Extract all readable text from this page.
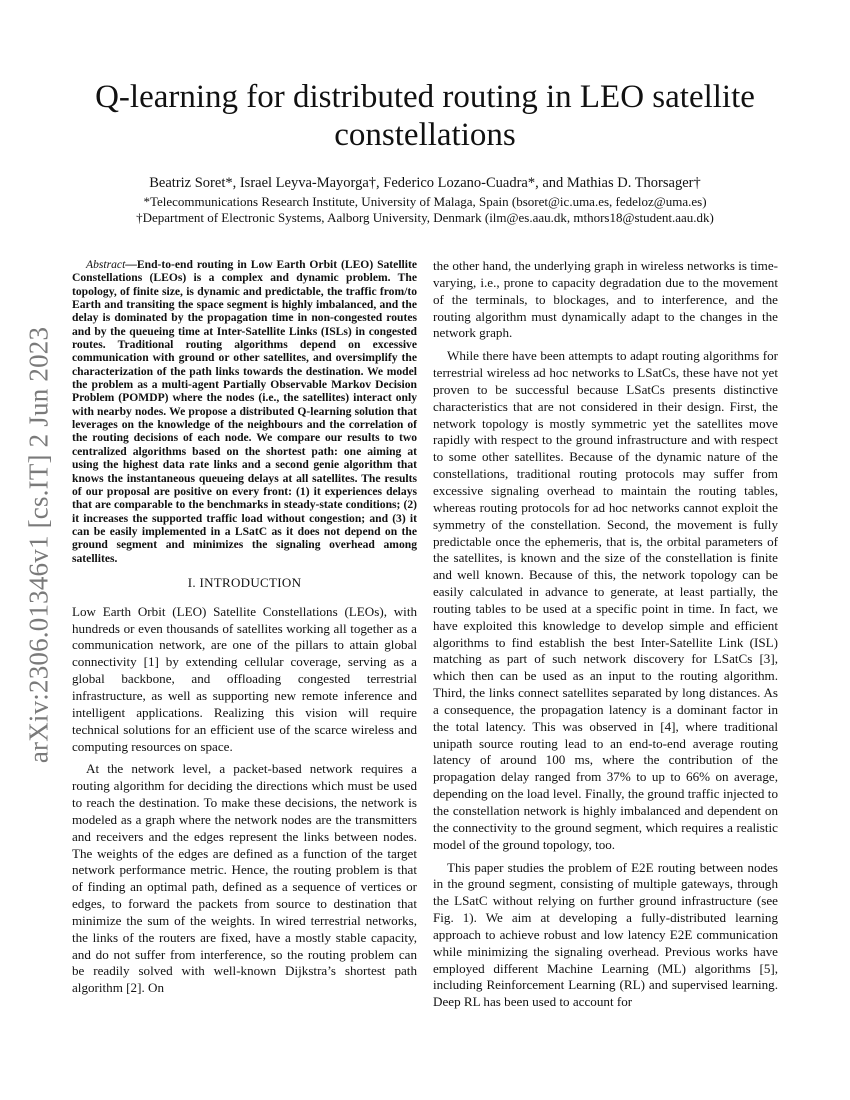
arXiv:2306.01346v1 [cs.IT] 2 Jun 2023
Q-learning for distributed routing in LEO satellite constellations
Beatriz Soret*, Israel Leyva-Mayorga†, Federico Lozano-Cuadra*, and Mathias D. Thorsager†
*Telecommunications Research Institute, University of Malaga, Spain (bsoret@ic.uma.es, fedeloz@uma.es)
†Department of Electronic Systems, Aalborg University, Denmark (ilm@es.aau.dk, mthors18@student.aau.dk)

Abstract—End-to-end routing in Low Earth Orbit (LEO) Satellite Constellations (LEOs) is a complex and dynamic problem. The topology, of finite size, is dynamic and predictable, the traffic from/to Earth and transiting the space segment is highly imbalanced, and the delay is dominated by the propagation time in non-congested routes and by the queueing time at Inter-Satellite Links (ISLs) in congested routes. Traditional routing algorithms depend on excessive communication with ground or other satellites, and oversimplify the characterization of the path links towards the destination. We model the problem as a multi-agent Partially Observable Markov Decision Problem (POMDP) where the nodes (i.e., the satellites) interact only with nearby nodes. We propose a distributed Q-learning solution that leverages on the knowledge of the neighbours and the correlation of the routing decisions of each node. We compare our results to two centralized algorithms based on the shortest path: one aiming at using the highest data rate links and a second genie algorithm that knows the instantaneous queueing delays at all satellites. The results of our proposal are positive on every front: (1) it experiences delays that are comparable to the benchmarks in steady-state conditions; (2) it increases the supported traffic load without congestion; and (3) it can be easily implemented in a LSatC as it does not depend on the ground segment and minimizes the signaling overhead among satellites.

I. INTRODUCTION

Low Earth Orbit (LEO) Satellite Constellations (LEOs), with hundreds or even thousands of satellites working all together as a communication network, are one of the pillars to attain global connectivity [1] by extending cellular coverage, serving as a global backbone, and offloading congested terrestrial infrastructure, as well as supporting new remote inference and intelligent applications. Realizing this vision will require technical solutions for an efficient use of the scarce wireless and computing resources on space.

At the network level, a packet-based network requires a routing algorithm for deciding the directions which must be used to reach the destination. To make these decisions, the network is modeled as a graph where the network nodes are the transmitters and receivers and the edges represent the links between nodes. The weights of the edges are defined as a function of the target network performance metric. Hence, the routing problem is that of finding an optimal path, defined as a sequence of vertices or edges, to forward the packets from source to destination that minimize the sum of the weights. In wired terrestrial networks, the links of the routers are fixed, have a mostly stable capacity, and do not suffer from interference, so the routing problem can be readily solved with well-known Dijkstra’s shortest path algorithm [2]. On

the other hand, the underlying graph in wireless networks is time-varying, i.e., prone to capacity degradation due to the movement of the terminals, to blockages, and to interference, and the routing algorithm must dynamically adapt to the changes in the network graph.

While there have been attempts to adapt routing algorithms for terrestrial wireless ad hoc networks to LSatCs, these have not yet proven to be successful because LSatCs presents distinctive characteristics that are not considered in their design. First, the network topology is mostly symmetric yet the satellites move rapidly with respect to the ground infrastructure and with respect to some other satellites. Because of the dynamic nature of the constellations, traditional routing protocols may suffer from excessive signaling overhead to maintain the routing tables, whereas routing protocols for ad hoc networks cannot exploit the symmetry of the constellation. Second, the movement is fully predictable once the ephemeris, that is, the orbital parameters of the satellites, is known and the size of the constellation is finite and well known. Because of this, the network topology can be easily calculated in advance to generate, at least partially, the routing tables to be used at a specific point in time. In fact, we have exploited this knowledge to develop simple and efficient algorithms to find establish the best Inter-Satellite Link (ISL) matching as part of such network discovery for LSatCs [3], which then can be used as an input to the routing algorithm. Third, the links connect satellites separated by long distances. As a consequence, the propagation latency is a dominant factor in the total latency. This was observed in [4], where traditional unipath source routing lead to an end-to-end average routing latency of around 100 ms, where the contribution of the propagation delay ranged from 37% to up to 66% on average, depending on the load level. Finally, the ground traffic injected to the constellation network is highly imbalanced and dependent on the connectivity to the ground segment, which requires a realistic model of the ground topology, too.

This paper studies the problem of E2E routing between nodes in the ground segment, consisting of multiple gateways, through the LSatC without relying on further ground infrastructure (see Fig. 1). We aim at developing a fully-distributed learning approach to achieve robust and low latency E2E communication while minimizing the signaling overhead. Previous works have employed different Machine Learning (ML) algorithms [5], including Reinforcement Learning (RL) and supervised learning. Deep RL has been used to account for
